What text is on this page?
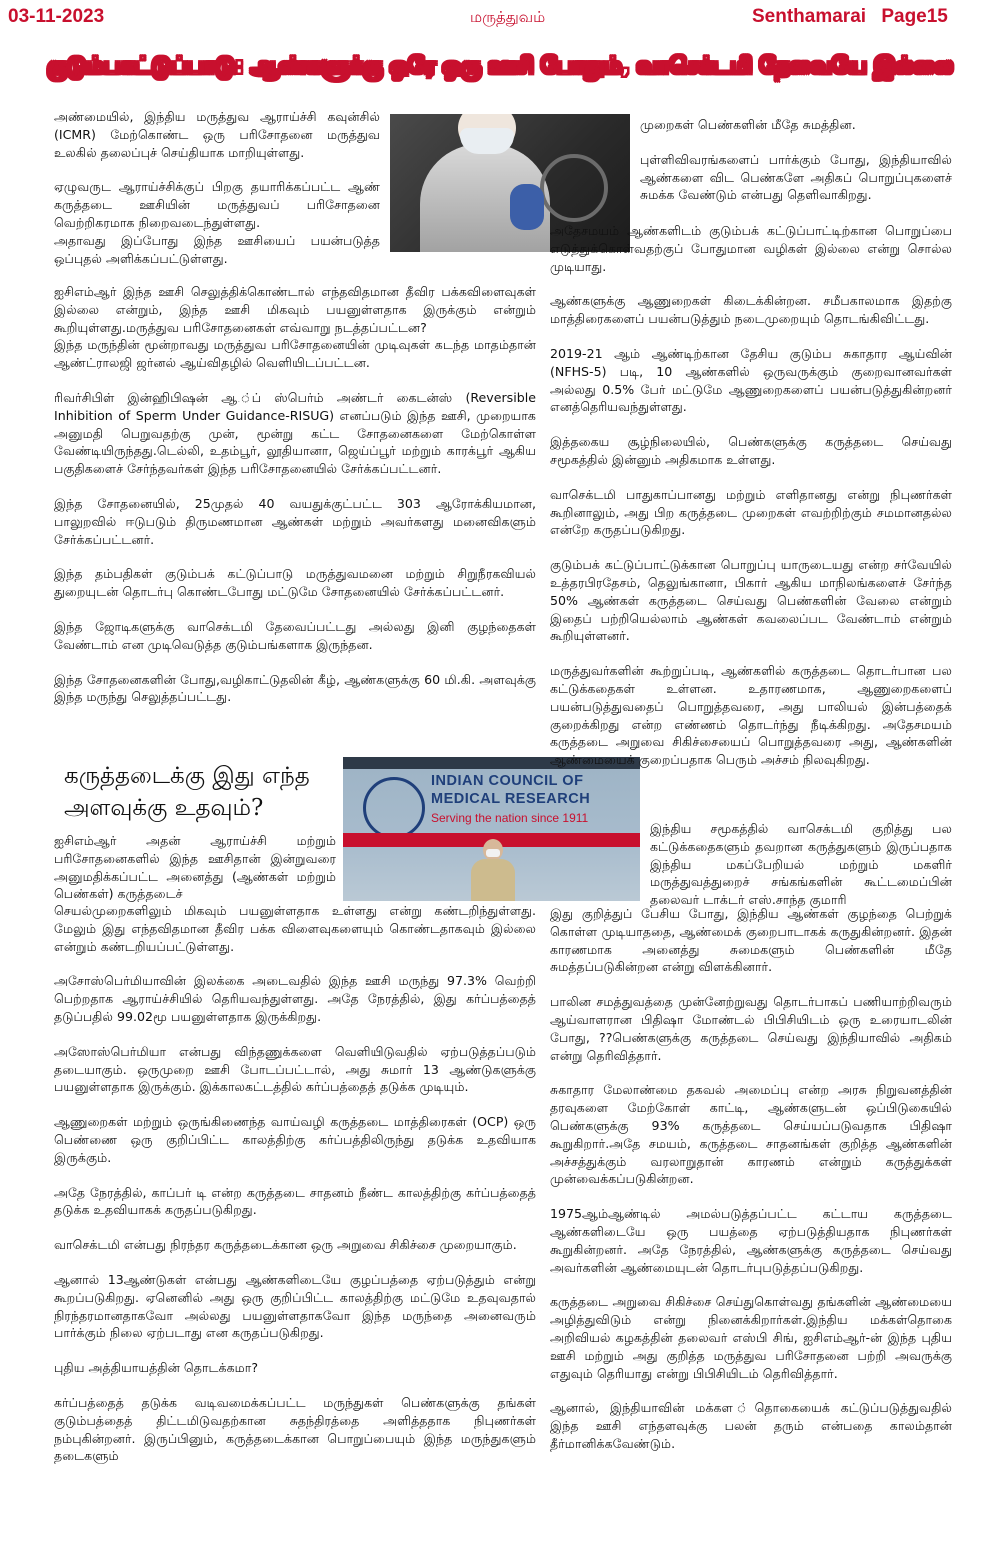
03-11-2023	மருத்துவம்	Senthamarai Page15
குடும்பகட்டுப்பாடு: ஆண்களுக்கு ஒரே ஒரு ஊசி போதும், வாசெக்டமி தேவையே இல்லை
INDIAN COUNCIL OF
MEDICAL RESEARCH
Serving the nation since 1911

அண்மையில், இந்திய மருத்துவ ஆராய்ச்சி கவுன்சில் (ICMR) மேற்கொண்ட ஒரு பரிசோதனை மருத்துவ உலகில் தலைப்புச் செய்தியாக மாறியுள்ளது.

ஏழுவருட ஆராய்ச்சிக்குப் பிறகு தயாரிக்கப்பட்ட ஆண் கருத்தடை ஊசியின் மருத்துவப் பரிசோதனை வெற்றிகரமாக நிறைவடைந்துள்ளது.

அதாவது இப்போது இந்த ஊசியைப் பயன்படுத்த ஒப்புதல் அளிக்கப்பட்டுள்ளது.

ஐசிஎம்ஆர் இந்த ஊசி செலுத்திக்கொண்டால் எந்தவிதமான தீவிர பக்கவிளைவுகள் இல்லை என்றும், இந்த ஊசி மிகவும் பயனுள்ளதாக இருக்கும் என்றும் கூறியுள்ளது.மருத்துவ பரிசோதனைகள் எவ்வாறு நடத்தப்பட்டன?

இந்த மருந்தின் மூன்றாவது மருத்துவ பரிசோதனையின் முடிவுகள் கடந்த மாதம்தான் ஆண்ட்ராலஜி ஜர்னல் ஆய்விதழில் வெளியிடப்பட்டன.

ரிவர்சிபிள் இன்ஹிபிஷன் ஆ.்ப் ஸ்பெர்ம் அண்டர் கைடன்ஸ் (Reversible Inhibition of Sperm Under Guidance-RISUG) எனப்படும் இந்த ஊசி, முறையாக அனுமதி பெறுவதற்கு முன், மூன்று கட்ட சோதனைகளை மேற்கொள்ள வேண்டியிருந்தது.டெல்லி, உதம்பூர், லூதியானா, ஜெய்ப்பூர் மற்றும் காரக்பூர் ஆகிய பகுதிகளைச் சேர்ந்தவர்கள் இந்த பரிசோதனையில் சேர்க்கப்பட்டனர்.

இந்த சோதனையில், 25முதல் 40 வயதுக்குட்பட்ட 303 ஆரோக்கியமான, பாலுறவில் ஈடுபடும் திருமணமான ஆண்கள் மற்றும் அவர்களது மனைவிகளும் சேர்க்கப்பட்டனர்.

இந்த தம்பதிகள் குடும்பக் கட்டுப்பாடு மருத்துவமனை மற்றும் சிறுநீரகவியல் துறையுடன் தொடர்பு கொண்டபோது மட்டுமே சோதனையில் சேர்க்கப்பட்டனர்.

இந்த ஜோடிகளுக்கு வாசெக்டமி தேவைப்பட்டது அல்லது இனி குழந்தைகள் வேண்டாம் என முடிவெடுத்த குடும்பங்களாக இருந்தன.

இந்த சோதனைகளின் போது,வழிகாட்டுதலின் கீழ், ஆண்களுக்கு 60 மி.கி. அளவுக்கு இந்த மருந்து செலுத்தப்பட்டது.

கருத்தடைக்கு இது எந்த அளவுக்கு உதவும்?

ஐசிஎம்ஆர் அதன் ஆராய்ச்சி மற்றும் பரிசோதனைகளில் இந்த ஊசிதான் இன்றுவரை அனுமதிக்கப்பட்ட அனைத்து (ஆண்கள் மற்றும் பெண்கள்) கருத்தடைச்

செயல்முறைகளிலும் மிகவும் பயனுள்ளதாக உள்ளது என்று கண்டறிந்துள்ளது. மேலும் இது எந்தவிதமான தீவிர பக்க விளைவுகளையும் கொண்டதாகவும் இல்லை என்றும் கண்டறியப்பட்டுள்ளது.

அசோஸ்பெர்மியாவின் இலக்கை அடைவதில் இந்த ஊசி மருந்து 97.3% வெற்றி பெற்றதாக ஆராய்ச்சியில் தெரியவந்துள்ளது. அதே நேரத்தில், இது கர்ப்பத்தைத் தடுப்பதில் 99.02மூ பயனுள்ளதாக இருக்கிறது.

அஸோஸ்பெர்மியா என்பது விந்தணுக்களை வெளியிடுவதில் ஏற்படுத்தப்படும் தடையாகும். ஒருமுறை ஊசி போடப்பட்டால், அது சுமார் 13 ஆண்டுகளுக்கு பயனுள்ளதாக இருக்கும். இக்காலகட்டத்தில் கர்ப்பத்தைத் தடுக்க முடியும்.

ஆணுறைகள் மற்றும் ஒருங்கிணைந்த வாய்வழி கருத்தடை மாத்திரைகள் (OCP) ஒரு பெண்ணை ஒரு குறிப்பிட்ட காலத்திற்கு கர்ப்பத்திலிருந்து தடுக்க உதவியாக இருக்கும்.

அதே நேரத்தில், காப்பர் டி என்ற கருத்தடை சாதனம் நீண்ட காலத்திற்கு கர்ப்பத்தைத் தடுக்க உதவியாகக் கருதப்படுகிறது.

வாசெக்டமி என்பது நிரந்தர கருத்தடைக்கான ஒரு அறுவை சிகிச்சை முறையாகும்.

ஆனால் 13ஆண்டுகள் என்பது ஆண்களிடையே குழப்பத்தை ஏற்படுத்தும் என்று கூறப்படுகிறது. ஏனெனில் அது ஒரு குறிப்பிட்ட காலத்திற்கு மட்டுமே உதவுவதால் நிரந்தரமானதாகவோ அல்லது பயனுள்ளதாகவோ இந்த மருந்தை அனைவரும் பார்க்கும் நிலை ஏற்படாது என கருதப்படுகிறது.

புதிய அத்தியாயத்தின் தொடக்கமா?

கர்ப்பத்தைத் தடுக்க வடிவமைக்கப்பட்ட மருந்துகள் பெண்களுக்கு தங்கள் குடும்பத்தைத் திட்டமிடுவதற்கான சுதந்திரத்தை அளித்ததாக நிபுணர்கள் நம்புகின்றனர். இருப்பினும், கருத்தடைக்கான பொறுப்பையும் இந்த மருந்துகளும் தடைகளும்

முறைகள் பெண்களின் மீதே சுமத்தின.

புள்ளிவிவரங்களைப் பார்க்கும் போது, இந்தியாவில் ஆண்களை விட பெண்களே அதிகப் பொறுப்புகளைச் சுமக்க வேண்டும் என்பது தெளிவாகிறது.

அதேசமயம் ஆண்களிடம் குடும்பக் கட்டுப்பாட்டிற்கான பொறுப்பை எடுத்துக்கொள்வதற்குப் போதுமான வழிகள் இல்லை என்று சொல்ல முடியாது.

ஆண்களுக்கு ஆணுறைகள் கிடைக்கின்றன. சமீபகாலமாக இதற்கு மாத்திரைகளைப் பயன்படுத்தும் நடைமுறையும் தொடங்கிவிட்டது.

2019-21 ஆம் ஆண்டிற்கான தேசிய குடும்ப சுகாதார ஆய்வின் (NFHS-5) படி, 10 ஆண்களில் ஒருவருக்கும் குறைவானவர்கள் அல்லது 0.5% பேர் மட்டுமே ஆணுறைகளைப் பயன்படுத்துகின்றனர் எனத்தெரியவந்துள்ளது.

இத்தகைய சூழ்நிலையில், பெண்களுக்கு கருத்தடை செய்வது சமூகத்தில் இன்னும் அதிகமாக உள்ளது.

வாசெக்டமி பாதுகாப்பானது மற்றும் எளிதானது என்று நிபுணர்கள் கூறினாலும், அது பிற கருத்தடை முறைகள் எவற்றிற்கும் சமமானதல்ல என்றே கருதப்படுகிறது.

குடும்பக் கட்டுப்பாட்டுக்கான பொறுப்பு யாருடையது என்ற சர்வேயில் உத்தரபிரதேசம், தெலுங்கானா, பிகார் ஆகிய மாநிலங்களைச் சேர்ந்த 50% ஆண்கள் கருத்தடை செய்வது பெண்களின் வேலை என்றும் இதைப் பற்றியெல்லாம் ஆண்கள் கவலைப்பட வேண்டாம் என்றும் கூறியுள்ளனர்.

மருத்துவர்களின் கூற்றுப்படி, ஆண்களில் கருத்தடை தொடர்பான பல கட்டுக்கதைகள் உள்ளன. உதாரணமாக, ஆணுறைகளைப் பயன்படுத்துவதைப் பொறுத்தவரை, அது பாலியல் இன்பத்தைக் குறைக்கிறது என்ற எண்ணம் தொடர்ந்து நீடிக்கிறது. அதேசமயம் கருத்தடை அறுவை சிகிச்சையைப் பொறுத்தவரை அது, ஆண்களின் ஆண்மையைக் குறைப்பதாக பெரும் அச்சம் நிலவுகிறது.

இந்திய சமூகத்தில் வாசெக்டமி குறித்து பல கட்டுக்கதைகளும் தவறான கருத்துகளும் இருப்பதாக இந்திய மகப்பேறியல் மற்றும் மகளிர் மருத்துவத்துறைச் சங்கங்களின் கூட்டமைப்பின் தலைவர் டாக்டர் எஸ்.சாந்த குமாரி

இது குறித்துப் பேசிய போது, இந்திய ஆண்கள் குழந்தை பெற்றுக் கொள்ள முடியாததை, ஆண்மைக் குறைபாடாகக் கருதுகின்றனர். இதன் காரணமாக அனைத்து சுமைகளும் பெண்களின் மீதே சுமத்தப்படுகின்றன என்று விளக்கினார்.

பாலின சமத்துவத்தை முன்னேற்றுவது தொடர்பாகப் பணியாற்றிவரும் ஆய்வாளரான பிதிஷா மோண்டல் பிபிசியிடம் ஒரு உரையாடலின் போது, ??பெண்களுக்கு கருத்தடை செய்வது இந்தியாவில் அதிகம் என்று தெரிவித்தார்.

சுகாதார மேலாண்மை தகவல் அமைப்பு என்ற அரசு நிறுவனத்தின் தரவுகளை மேற்கோள் காட்டி, ஆண்களுடன் ஒப்பிடுகையில் பெண்களுக்கு 93% கருத்தடை செய்யப்படுவதாக பிதிஷா கூறுகிறார்.அதே சமயம், கருத்தடை சாதனங்கள் குறித்த ஆண்களின் அச்சத்துக்கும் வரலாறுதான் காரணம் என்றும் கருத்துக்கள் முன்வைக்கப்படுகின்றன.

1975ஆம்ஆண்டில் அமல்படுத்தப்பட்ட கட்டாய கருத்தடை ஆண்களிடையே ஒரு பயத்தை ஏற்படுத்தியதாக நிபுணர்கள் கூறுகின்றனர். அதே நேரத்தில், ஆண்களுக்கு கருத்தடை செய்வது அவர்களின் ஆண்மையுடன் தொடர்புபடுத்தப்படுகிறது.

கருத்தடை அறுவை சிகிச்சை செய்துகொள்வது தங்களின் ஆண்மையை அழித்துவிடும் என்று நினைக்கிறார்கள்.இந்திய மக்கள்தொகை அறிவியல் கழகத்தின் தலைவர் எஸ்பி சிங், ஐசிஎம்ஆர்-ன் இந்த புதிய ஊசி மற்றும் அது குறித்த மருத்துவ பரிசோதனை பற்றி அவருக்கு எதுவும் தெரியாது என்று பிபிசியிடம் தெரிவித்தார்.

ஆனால், இந்தியாவின் மக்கள ்தொகையைக் கட்டுப்படுத்துவதில் இந்த ஊசி எந்தளவுக்கு பலன் தரும் என்பதை காலம்தான் தீர்மானிக்கவேண்டும்.
